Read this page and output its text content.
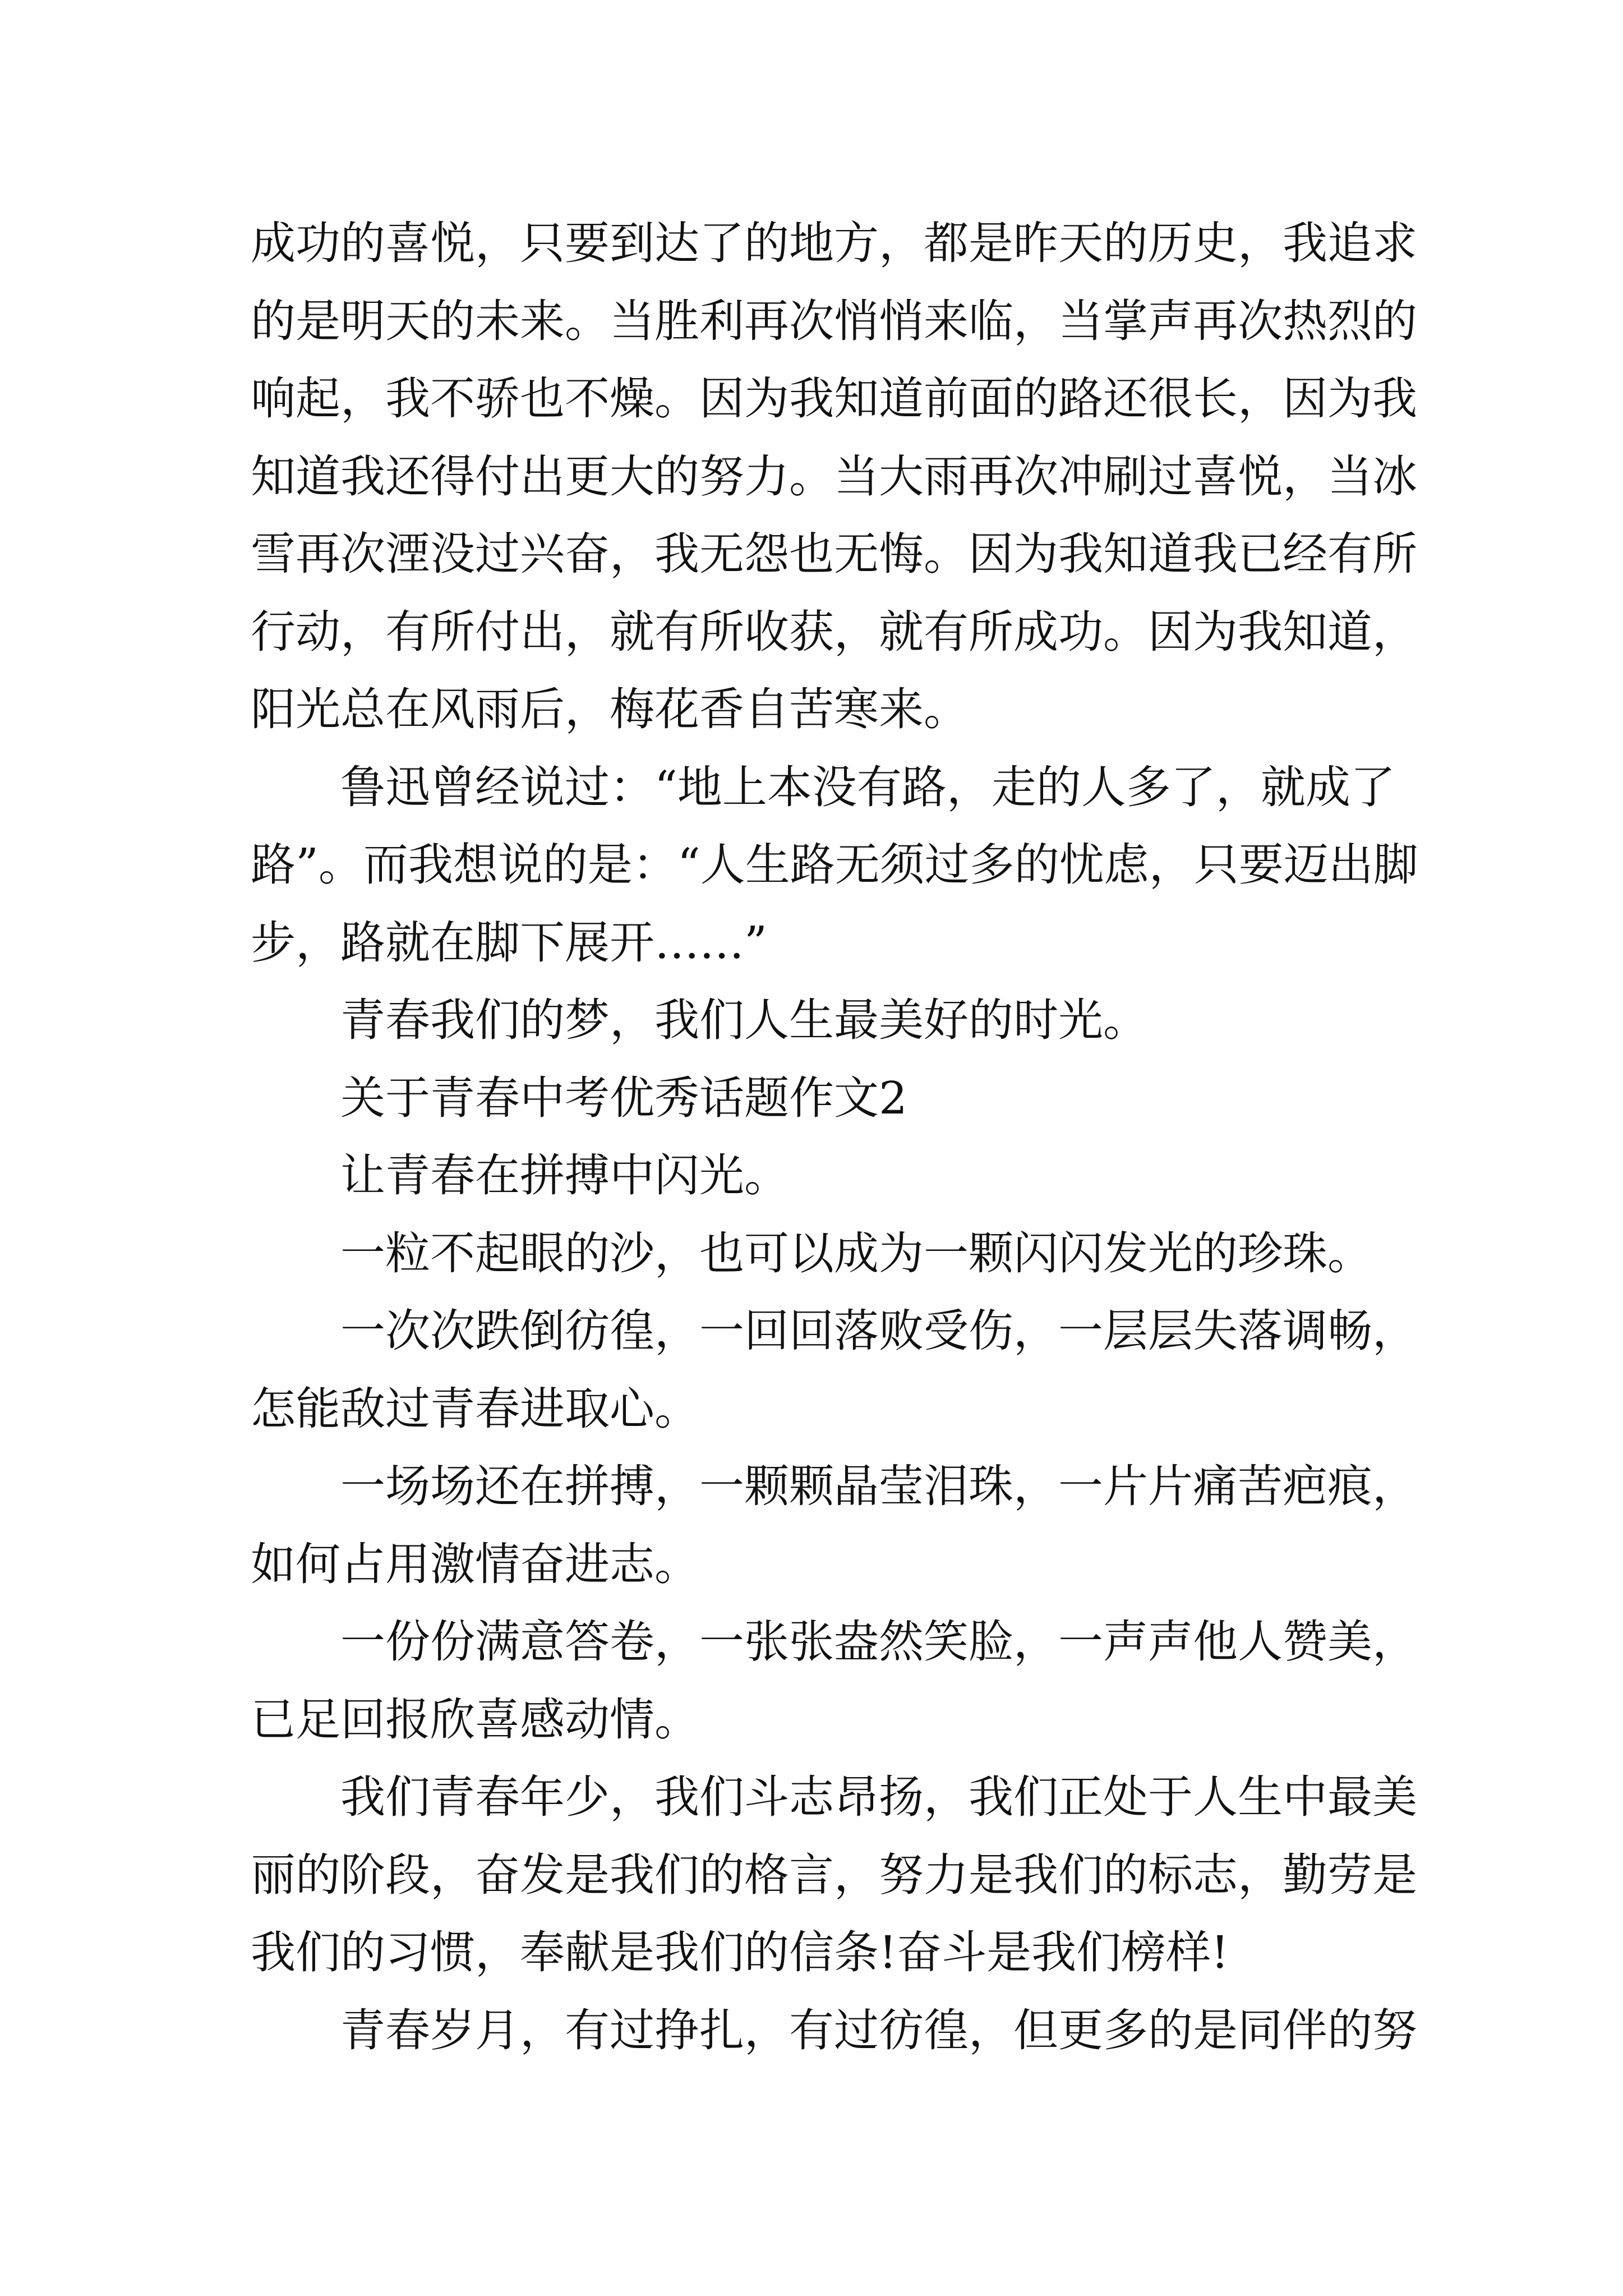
成功的喜悦，只要到达了的地方，都是昨天的历史，我追求
的是明天的未来。当胜利再次悄悄来临，当掌声再次热烈的
响起，我不骄也不燥。因为我知道前面的路还很长，因为我
知道我还得付出更大的努力。当大雨再次冲刷过喜悦，当冰
雪再次湮没过兴奋，我无怨也无悔。因为我知道我已经有所
行动，有所付出，就有所收获，就有所成功。因为我知道，
阳光总在风雨后，梅花香自苦寒来。
鲁迅曾经说过：“地上本没有路，走的人多了，就成了
路”。而我想说的是：“人生路无须过多的忧虑，只要迈出脚
步，路就在脚下展开……”
青春我们的梦，我们人生最美好的时光。
关于青春中考优秀话题作文2
让青春在拼搏中闪光。
一粒不起眼的沙，也可以成为一颗闪闪发光的珍珠。
一次次跌倒彷徨，一回回落败受伤，一层层失落调畅，
怎能敌过青春进取心。
一场场还在拼搏，一颗颗晶莹泪珠，一片片痛苦疤痕，
如何占用激情奋进志。
一份份满意答卷，一张张盎然笑脸，一声声他人赞美，
已足回报欣喜感动情。
我们青春年少，我们斗志昂扬，我们正处于人生中最美
丽的阶段，奋发是我们的格言，努力是我们的标志，勤劳是
我们的习惯，奉献是我们的信条!奋斗是我们榜样!
青春岁月，有过挣扎，有过彷徨，但更多的是同伴的努
